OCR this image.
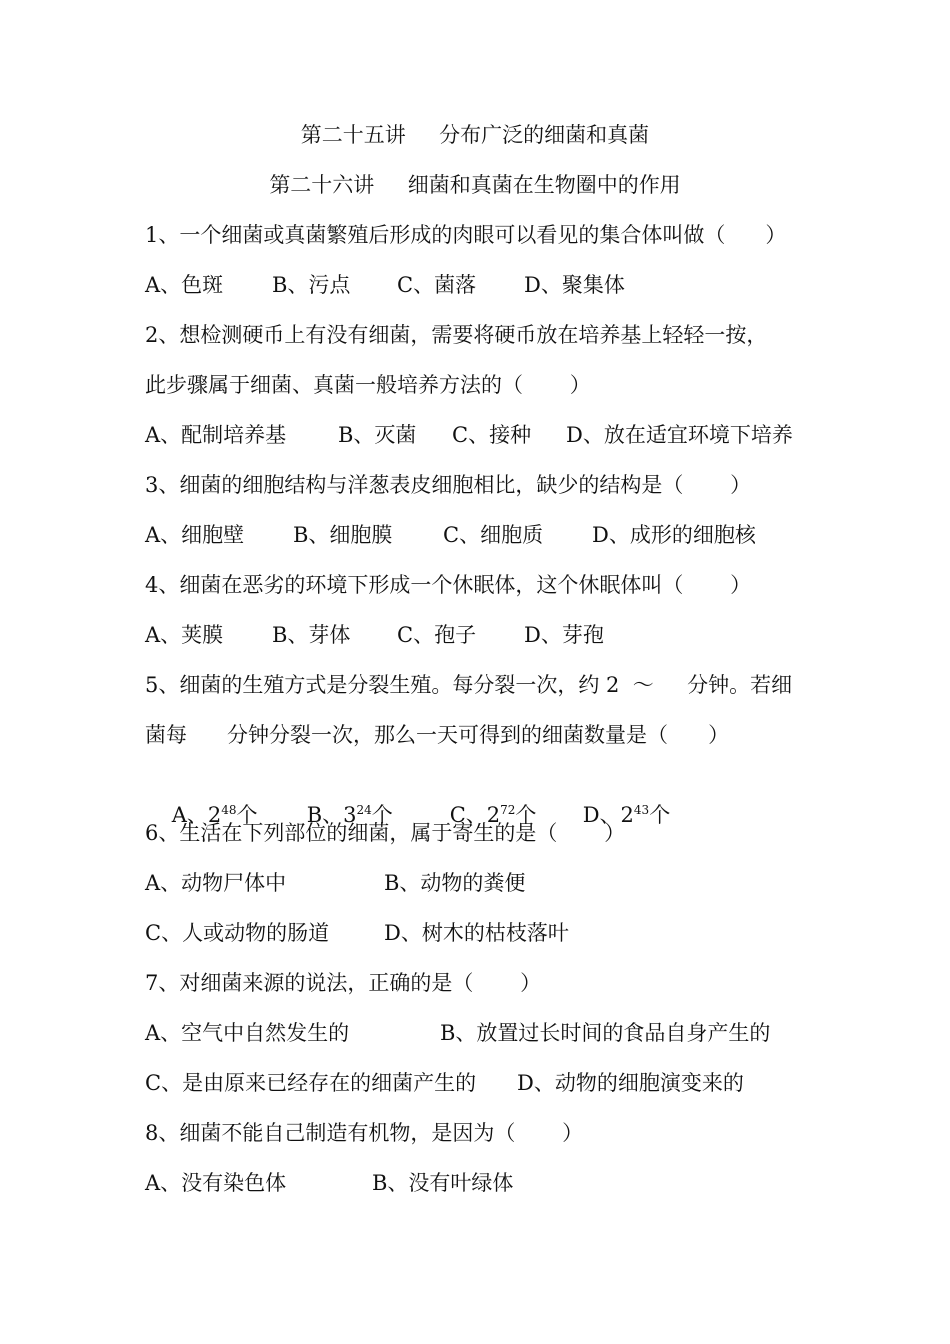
第二十五讲     分布广泛的细菌和真菌
第二十六讲     细菌和真菌在生物圈中的作用
1、一个细菌或真菌繁殖后形成的肉眼可以看见的集合体叫做（      ）
A、色斑 B、污点 C、菌落 D、聚集体
2、想检测硬币上有没有细菌，需要将硬币放在培养基上轻轻一按，
此步骤属于细菌、真菌一般培养方法的（       ）
A、配制培养基 B、灭菌 C、接种 D、放在适宜环境下培养
3、细菌的细胞结构与洋葱表皮细胞相比，缺少的结构是（       ）
A、细胞壁 B、细胞膜 C、细胞质 D、成形的细胞核
4、细菌在恶劣的环境下形成一个休眠体，这个休眠体叫（       ）
A、荚膜 B、芽体 C、孢子 D、芽孢
5、细菌的生殖方式是分裂生殖。每分裂一次，约 2  ～     分钟。若细
菌每      分钟分裂一次，那么一天可得到的细菌数量是（      ）

A、$2^{48}$个
	B、$3^{24}$个
	C、$2^{72}$个
	D、$2^{43}$个

6、生活在下列部位的细菌，属于寄生的是（       ）
A、动物尸体中	B、动物的粪便
C、人或动物的肠道	D、树木的枯枝落叶
7、对细菌来源的说法，正确的是（       ）
A、空气中自然发生的	B、放置过长时间的食品自身产生的
C、是由原来已经存在的细菌产生的 D、动物的细胞演变来的
8、细菌不能自己制造有机物，是因为（       ）
A、没有染色体	B、没有叶绿体
